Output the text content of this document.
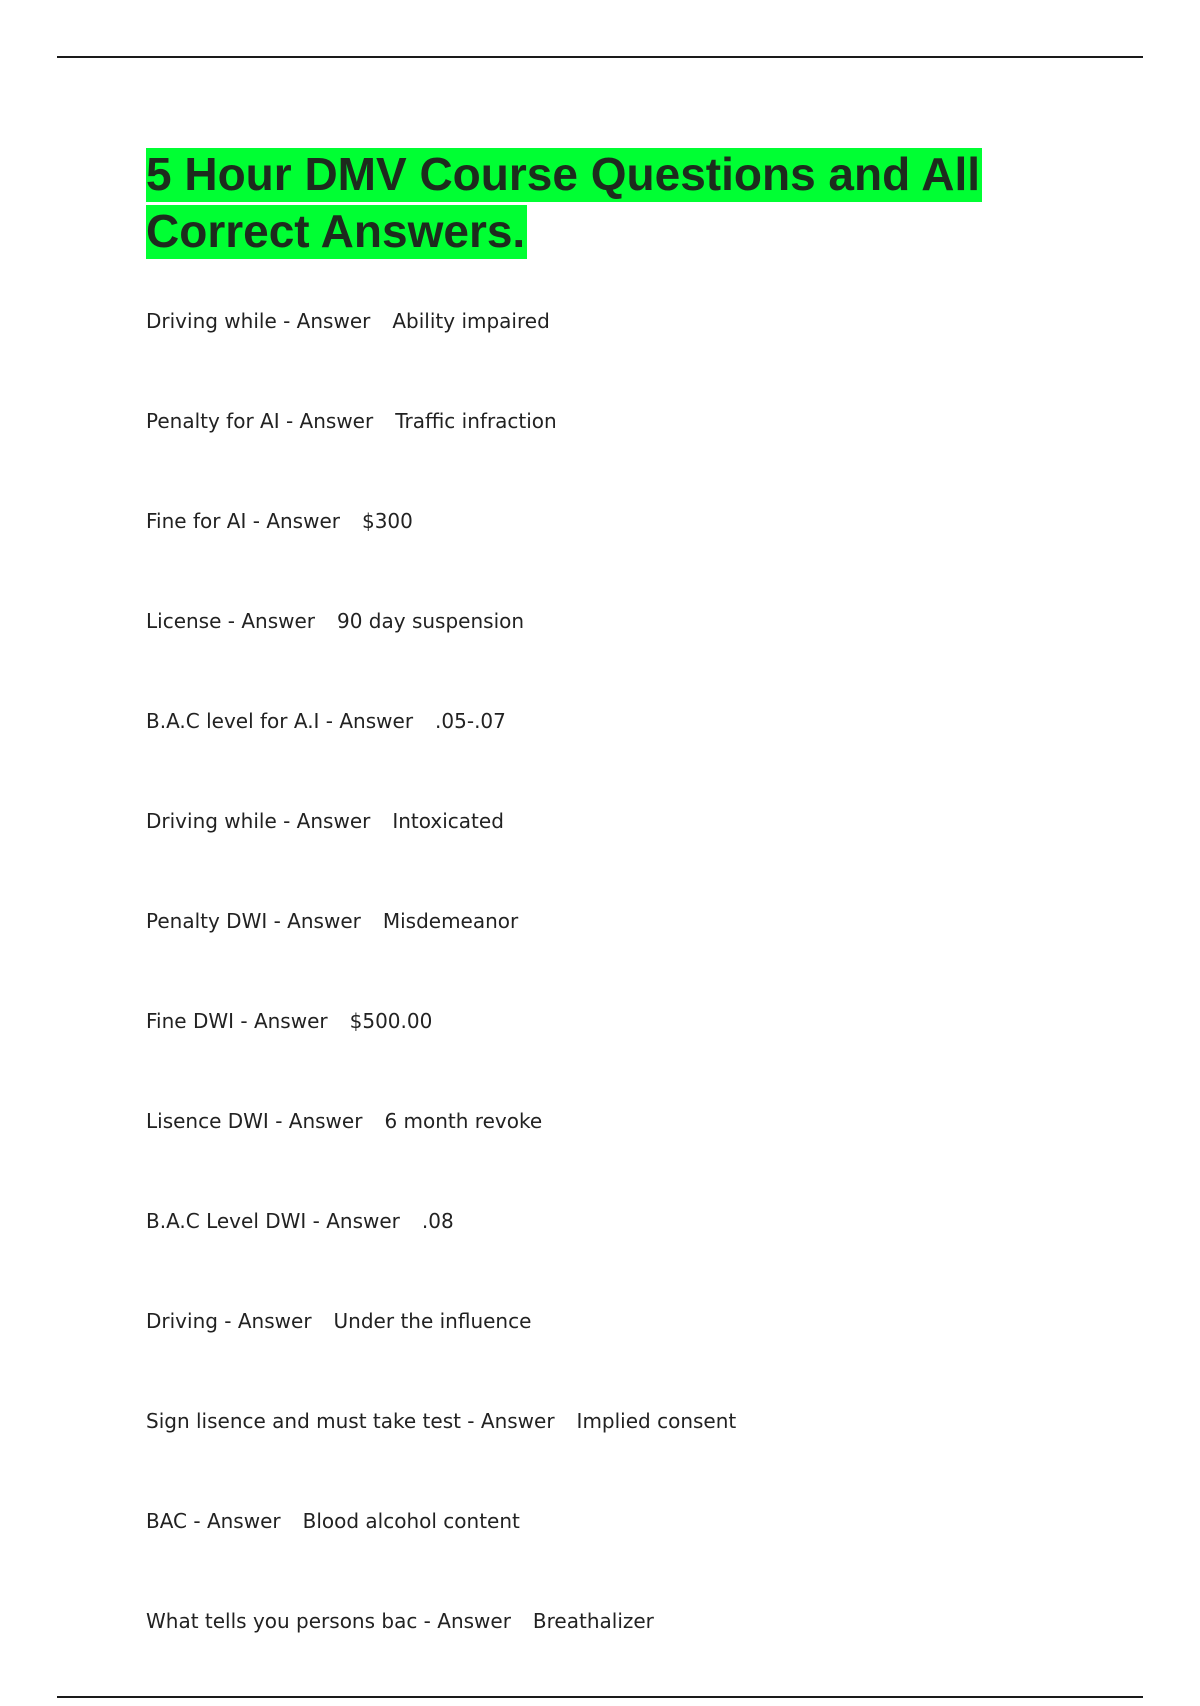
5 Hour DMV Course Questions and All Correct Answers.
Driving while - Answer Ability impaired
Penalty for AI - Answer Traffic infraction
Fine for AI - Answer $300
License - Answer 90 day suspension
B.A.C level for A.I - Answer .05-.07
Driving while - Answer Intoxicated
Penalty DWI - Answer Misdemeanor
Fine DWI - Answer $500.00
Lisence DWI - Answer 6 month revoke
B.A.C Level DWI - Answer .08
Driving - Answer Under the influence
Sign lisence and must take test - Answer Implied consent
BAC - Answer Blood alcohol content
What tells you persons bac - Answer Breathalizer
